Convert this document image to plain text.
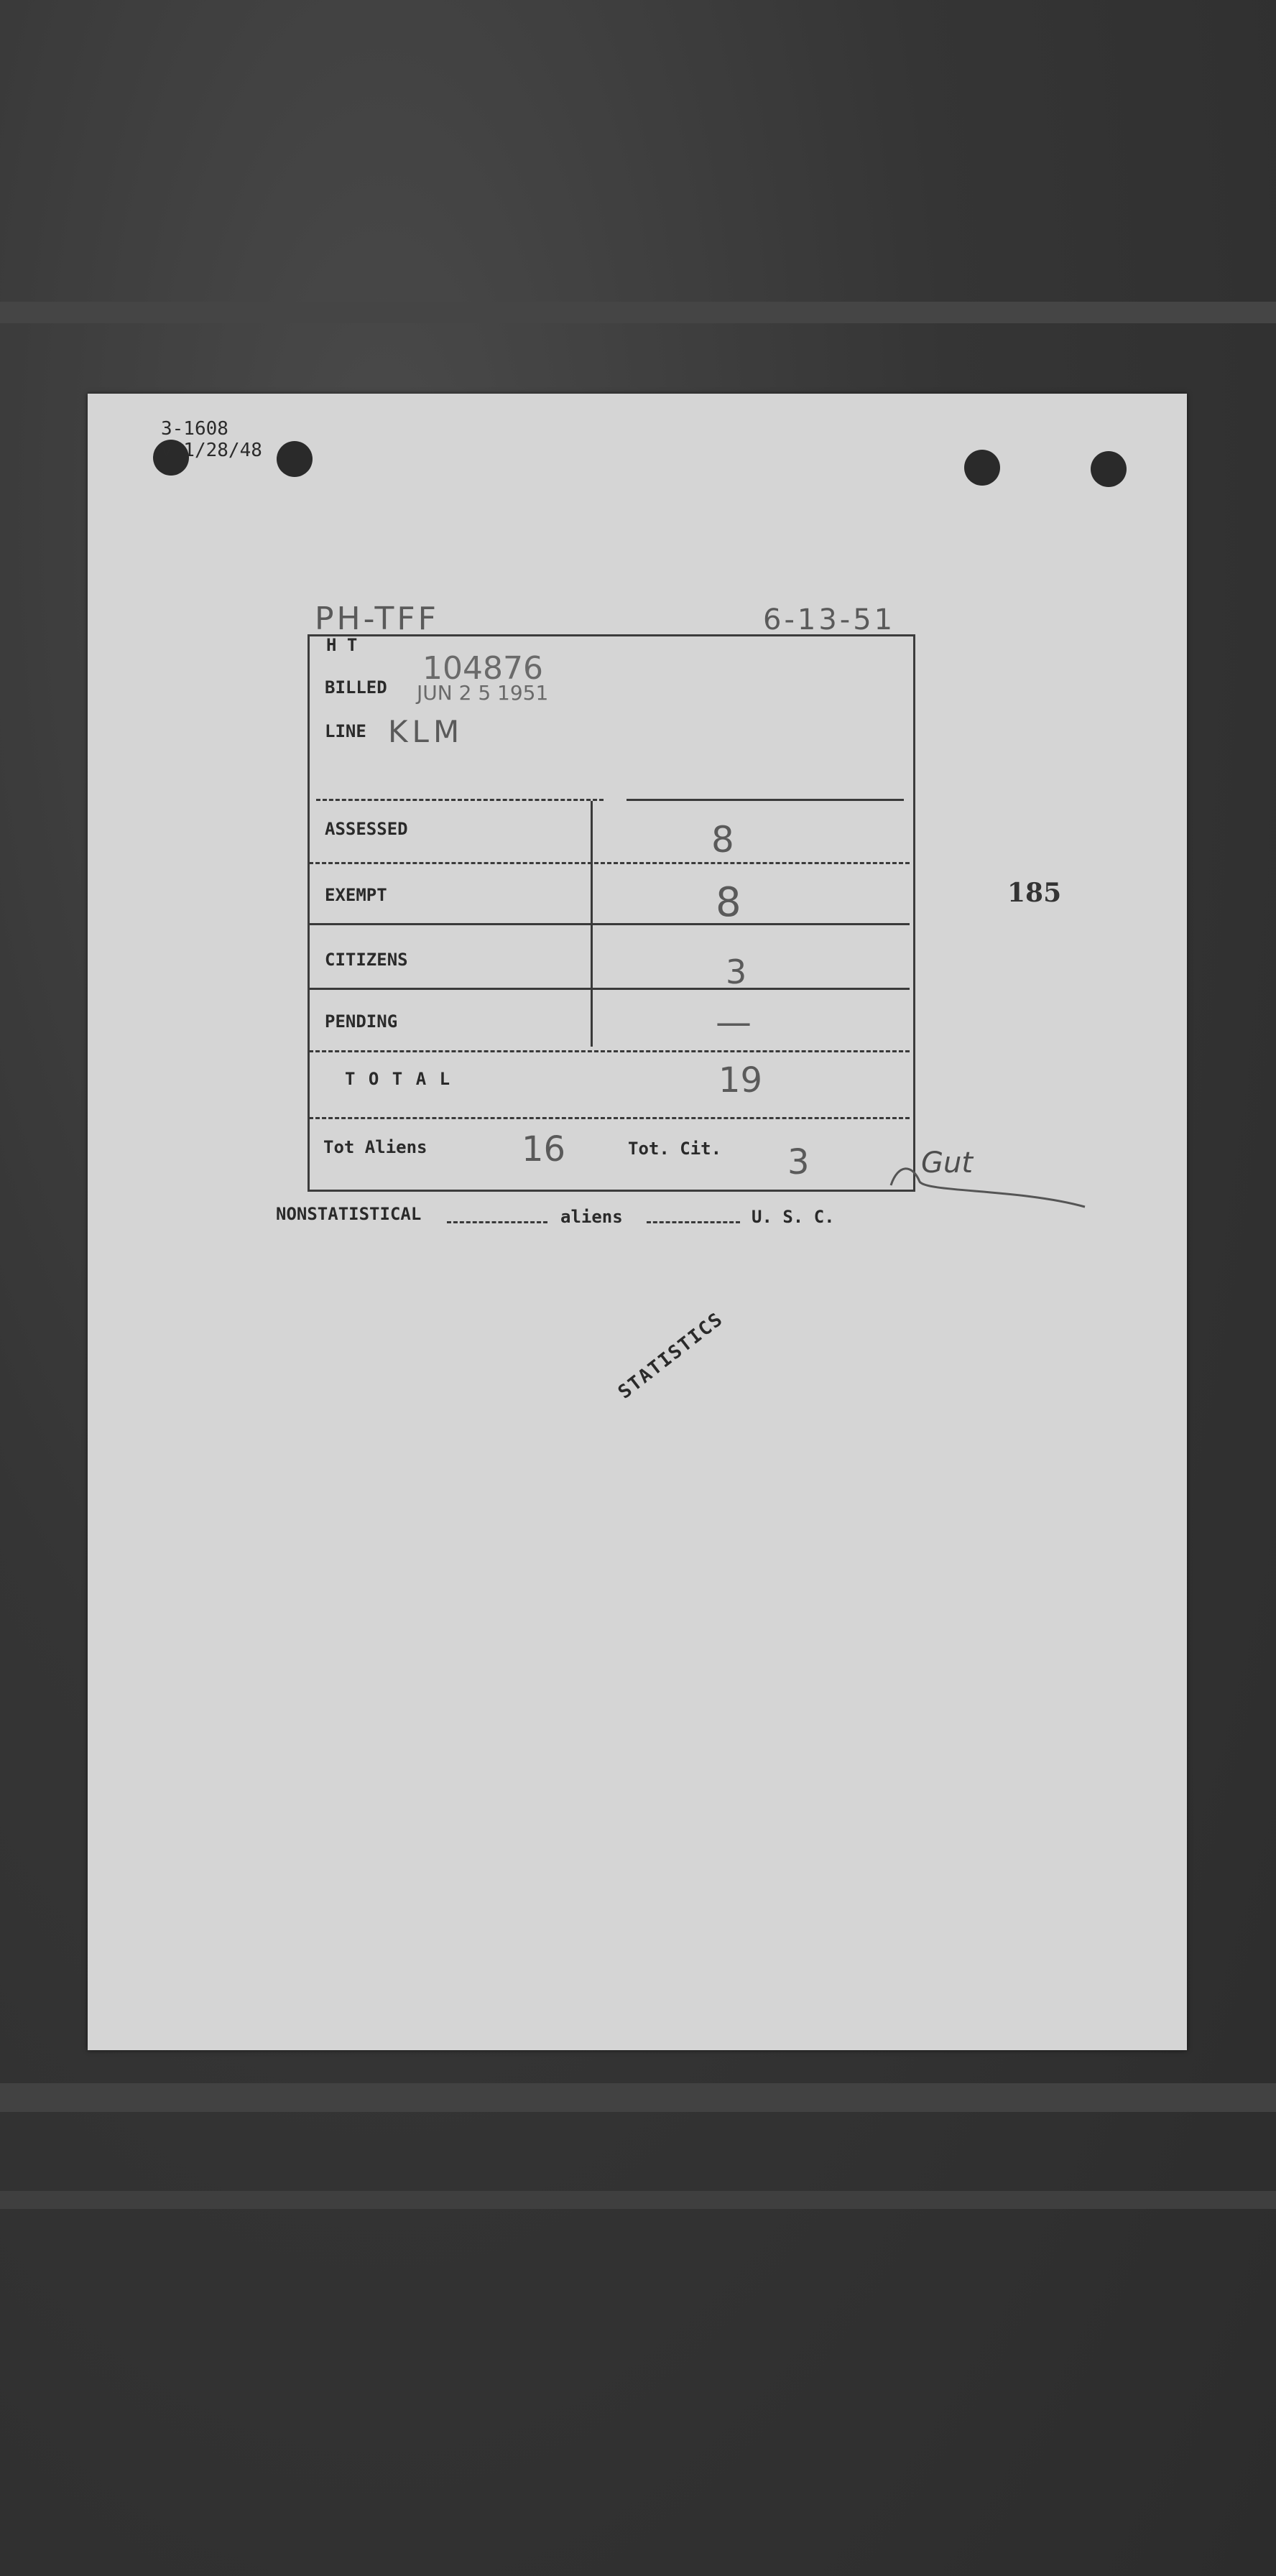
3-1608
v 1/28/48
PH-TFF	6-13-51
H T
BILLED
104876
JUN 2 5 1951
LINE KLM
ASSESSED	8
EXEMPT	8
CITIZENS	3
PENDING	—
T O T A L	19
Tot Aliens	16	Tot. Cit. 3	Gut
185
NONSTATISTICAL	aliens	U. S. C.
STATISTICS
